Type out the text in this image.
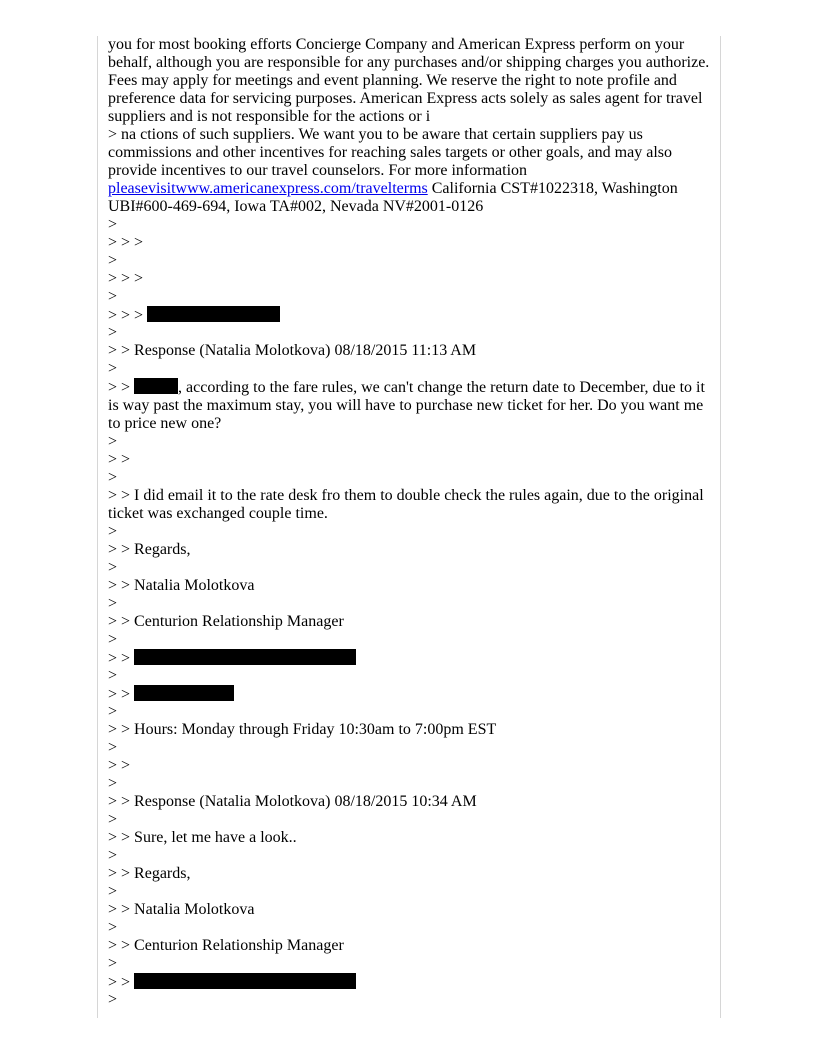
you for most booking efforts Concierge Company and American Express perform on your behalf, although you are responsible for any purchases and/or shipping charges you authorize. Fees may apply for meetings and event planning. We reserve the right to note profile and preference data for servicing purposes. American Express acts solely as sales agent for travel suppliers and is not responsible for the actions or i
> na ctions of such suppliers. We want you to be aware that certain suppliers pay us commissions and other incentives for reaching sales targets or other goals, and may also provide incentives to our travel counselors. For more information
pleasevisitwww.americanexpress.com/travelterms California CST#1022318, Washington UBI#600-469-694, Iowa TA#002, Nevada NV#2001-0126
>
> > >
>
> > >
>
> > >
>
> > Response (Natalia Molotkova) 08/18/2015 11:13 AM
>
> >	, according to the fare rules, we can't change the return date to December, due to it is way past the maximum stay, you will have to purchase new ticket for her. Do you want me to price new one?
>
> >
>
> > I did email it to the rate desk fro them to double check the rules again, due to the original ticket was exchanged couple time.
>
> > Regards,
>
> > Natalia Molotkova
>
> > Centurion Relationship Manager
>
> >
>
> >
>
> > Hours: Monday through Friday 10:30am to 7:00pm EST
>
> >
>
> > Response (Natalia Molotkova) 08/18/2015 10:34 AM
>
> > Sure, let me have a look..
>
> > Regards,
>
> > Natalia Molotkova
>
> > Centurion Relationship Manager
>
> >
>
